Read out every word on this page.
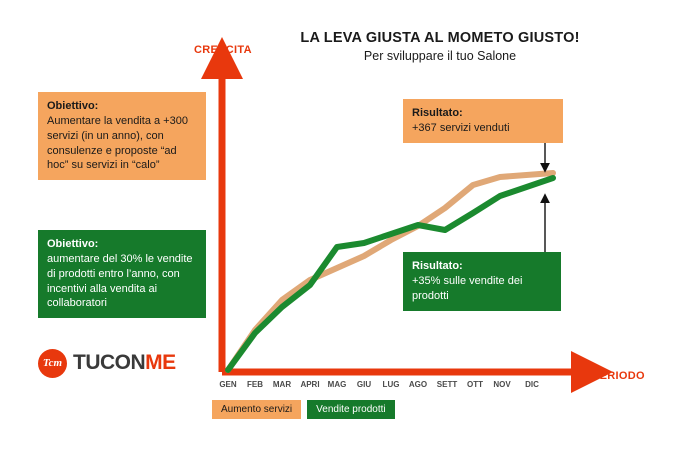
LA LEVA GIUSTA AL MOMETO GIUSTO!
Per sviluppare il tuo Salone
CRESCITA
PERIODO
GEN FEB MAR APRI MAG GIU LUG AGO SETT OTT NOV DIC
Obiettivo:
Aumentare la vendita a +300 servizi (in un anno), con consulenze e proposte “ad hoc” su servizi in “calo”
Obiettivo:
aumentare del 30% le vendite di prodotti entro l’anno, con incentivi alla vendita ai collaboratori
Risultato:
+367 servizi venduti
Risultato:
+35% sulle vendite dei prodotti
Tcm TUCONME
Aumento servizi	Vendite prodotti
